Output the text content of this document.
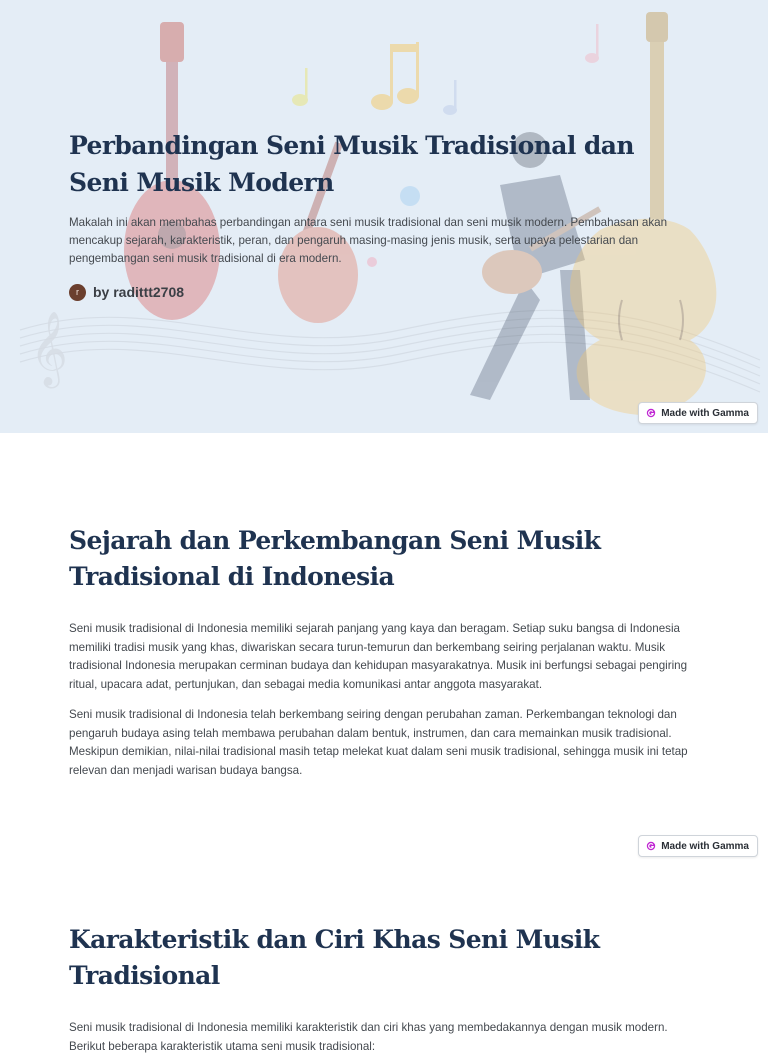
𝄞
Perbandingan Seni Musik Tradisional dan Seni Musik Modern

Makalah ini akan membahas perbandingan antara seni musik tradisional dan seni musik modern. Pembahasan akan mencakup sejarah, karakteristik, peran, dan pengaruh masing-masing jenis musik, serta upaya pelestarian dan pengembangan seni musik tradisional di era modern.

r	by radittt2708
Made with Gamma
Sejarah dan Perkembangan Seni Musik Tradisional di Indonesia

Seni musik tradisional di Indonesia memiliki sejarah panjang yang kaya dan beragam. Setiap suku bangsa di Indonesia memiliki tradisi musik yang khas, diwariskan secara turun-temurun dan berkembang seiring perjalanan waktu. Musik tradisional Indonesia merupakan cerminan budaya dan kehidupan masyarakatnya. Musik ini berfungsi sebagai pengiring ritual, upacara adat, pertunjukan, dan sebagai media komunikasi antar anggota masyarakat.

Seni musik tradisional di Indonesia telah berkembang seiring dengan perubahan zaman. Perkembangan teknologi dan pengaruh budaya asing telah membawa perubahan dalam bentuk, instrumen, dan cara memainkan musik tradisional. Meskipun demikian, nilai-nilai tradisional masih tetap melekat kuat dalam seni musik tradisional, sehingga musik ini tetap relevan dan menjadi warisan budaya bangsa.

Made with Gamma
Karakteristik dan Ciri Khas Seni Musik Tradisional

Seni musik tradisional di Indonesia memiliki karakteristik dan ciri khas yang membedakannya dengan musik modern. Berikut beberapa karakteristik utama seni musik tradisional:
